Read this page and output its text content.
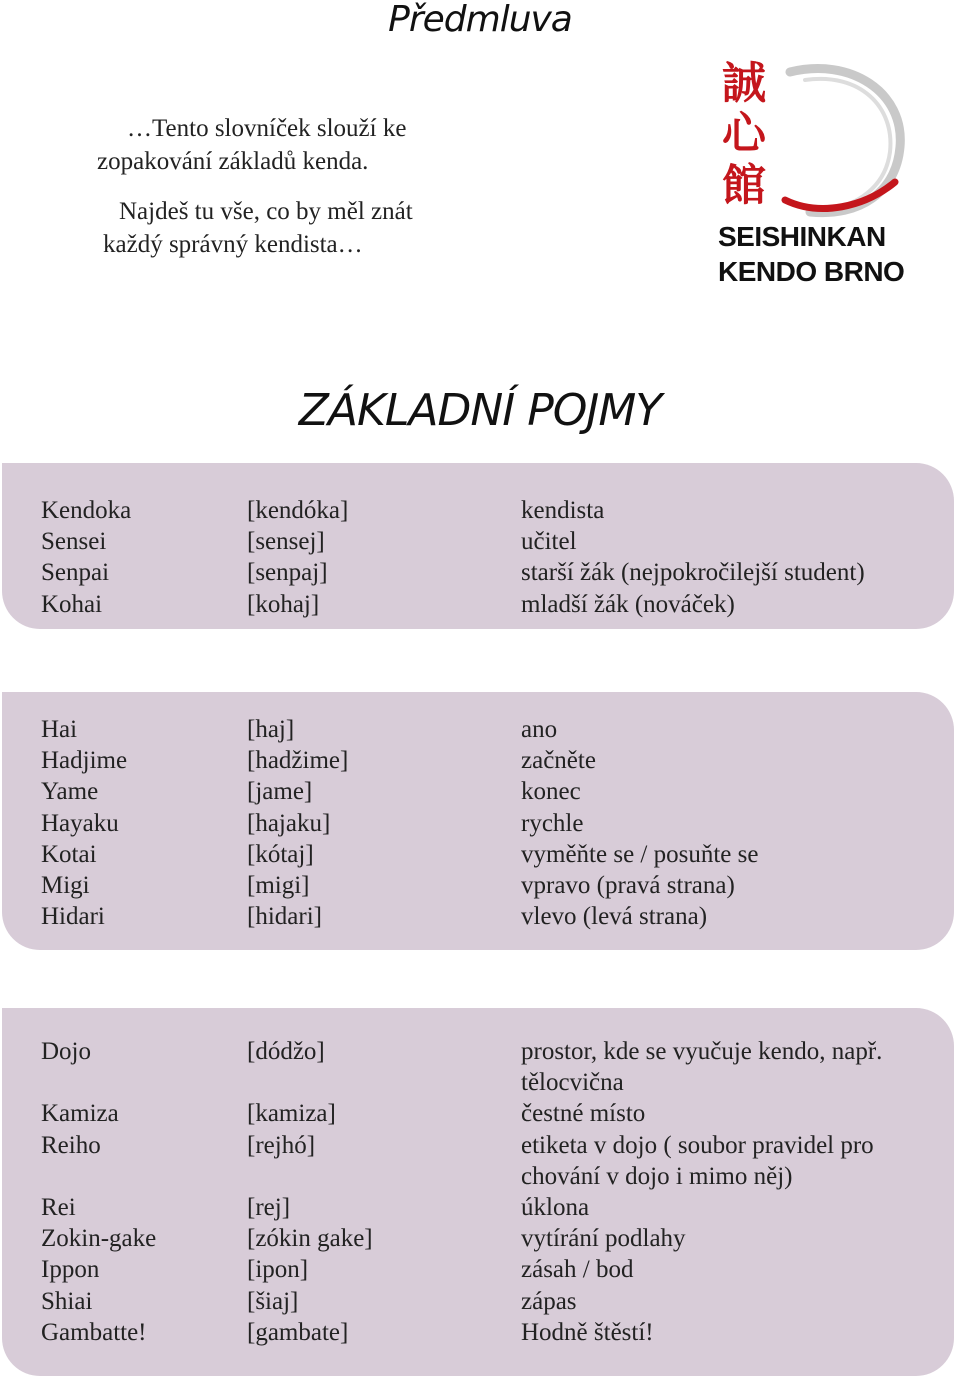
Předmluva
…Tento slovníček slouží ke
zopakování základů kenda.
Najdeš tu vše, co by měl znát
každý správný kendista…
誠
心
館
SEISHINKAN
KENDO BRNO
ZÁKLADNÍ POJMY
Kendoka	[kendóka]	kendista
Sensei	[sensej]	učitel
Senpai	[senpaj]	starší žák (nejpokročilejší student)
Kohai	[kohaj]	mladší žák (nováček)
Hai	[haj]	ano
Hadjime	[hadžime]	začněte
Yame	[jame]	konec
Hayaku	[hajaku]	rychle
Kotai	[kótaj]	vyměňte se / posuňte se
Migi	[migi]	vpravo (pravá strana)
Hidari	[hidari]	vlevo (levá strana)
Dojo	[dódžo]	prostor, kde se vyučuje kendo, např. tělocvična
Kamiza	[kamiza]	čestné místo
Reiho	[rejhó]	etiketa v dojo ( soubor pravidel pro chování v dojo i mimo něj)
Rei	[rej]	úklona
Zokin-gake	[zókin gake]	vytírání podlahy
Ippon	[ipon]	zásah / bod
Shiai	[šiaj]	zápas
Gambatte!	[gambate]	Hodně štěstí!
